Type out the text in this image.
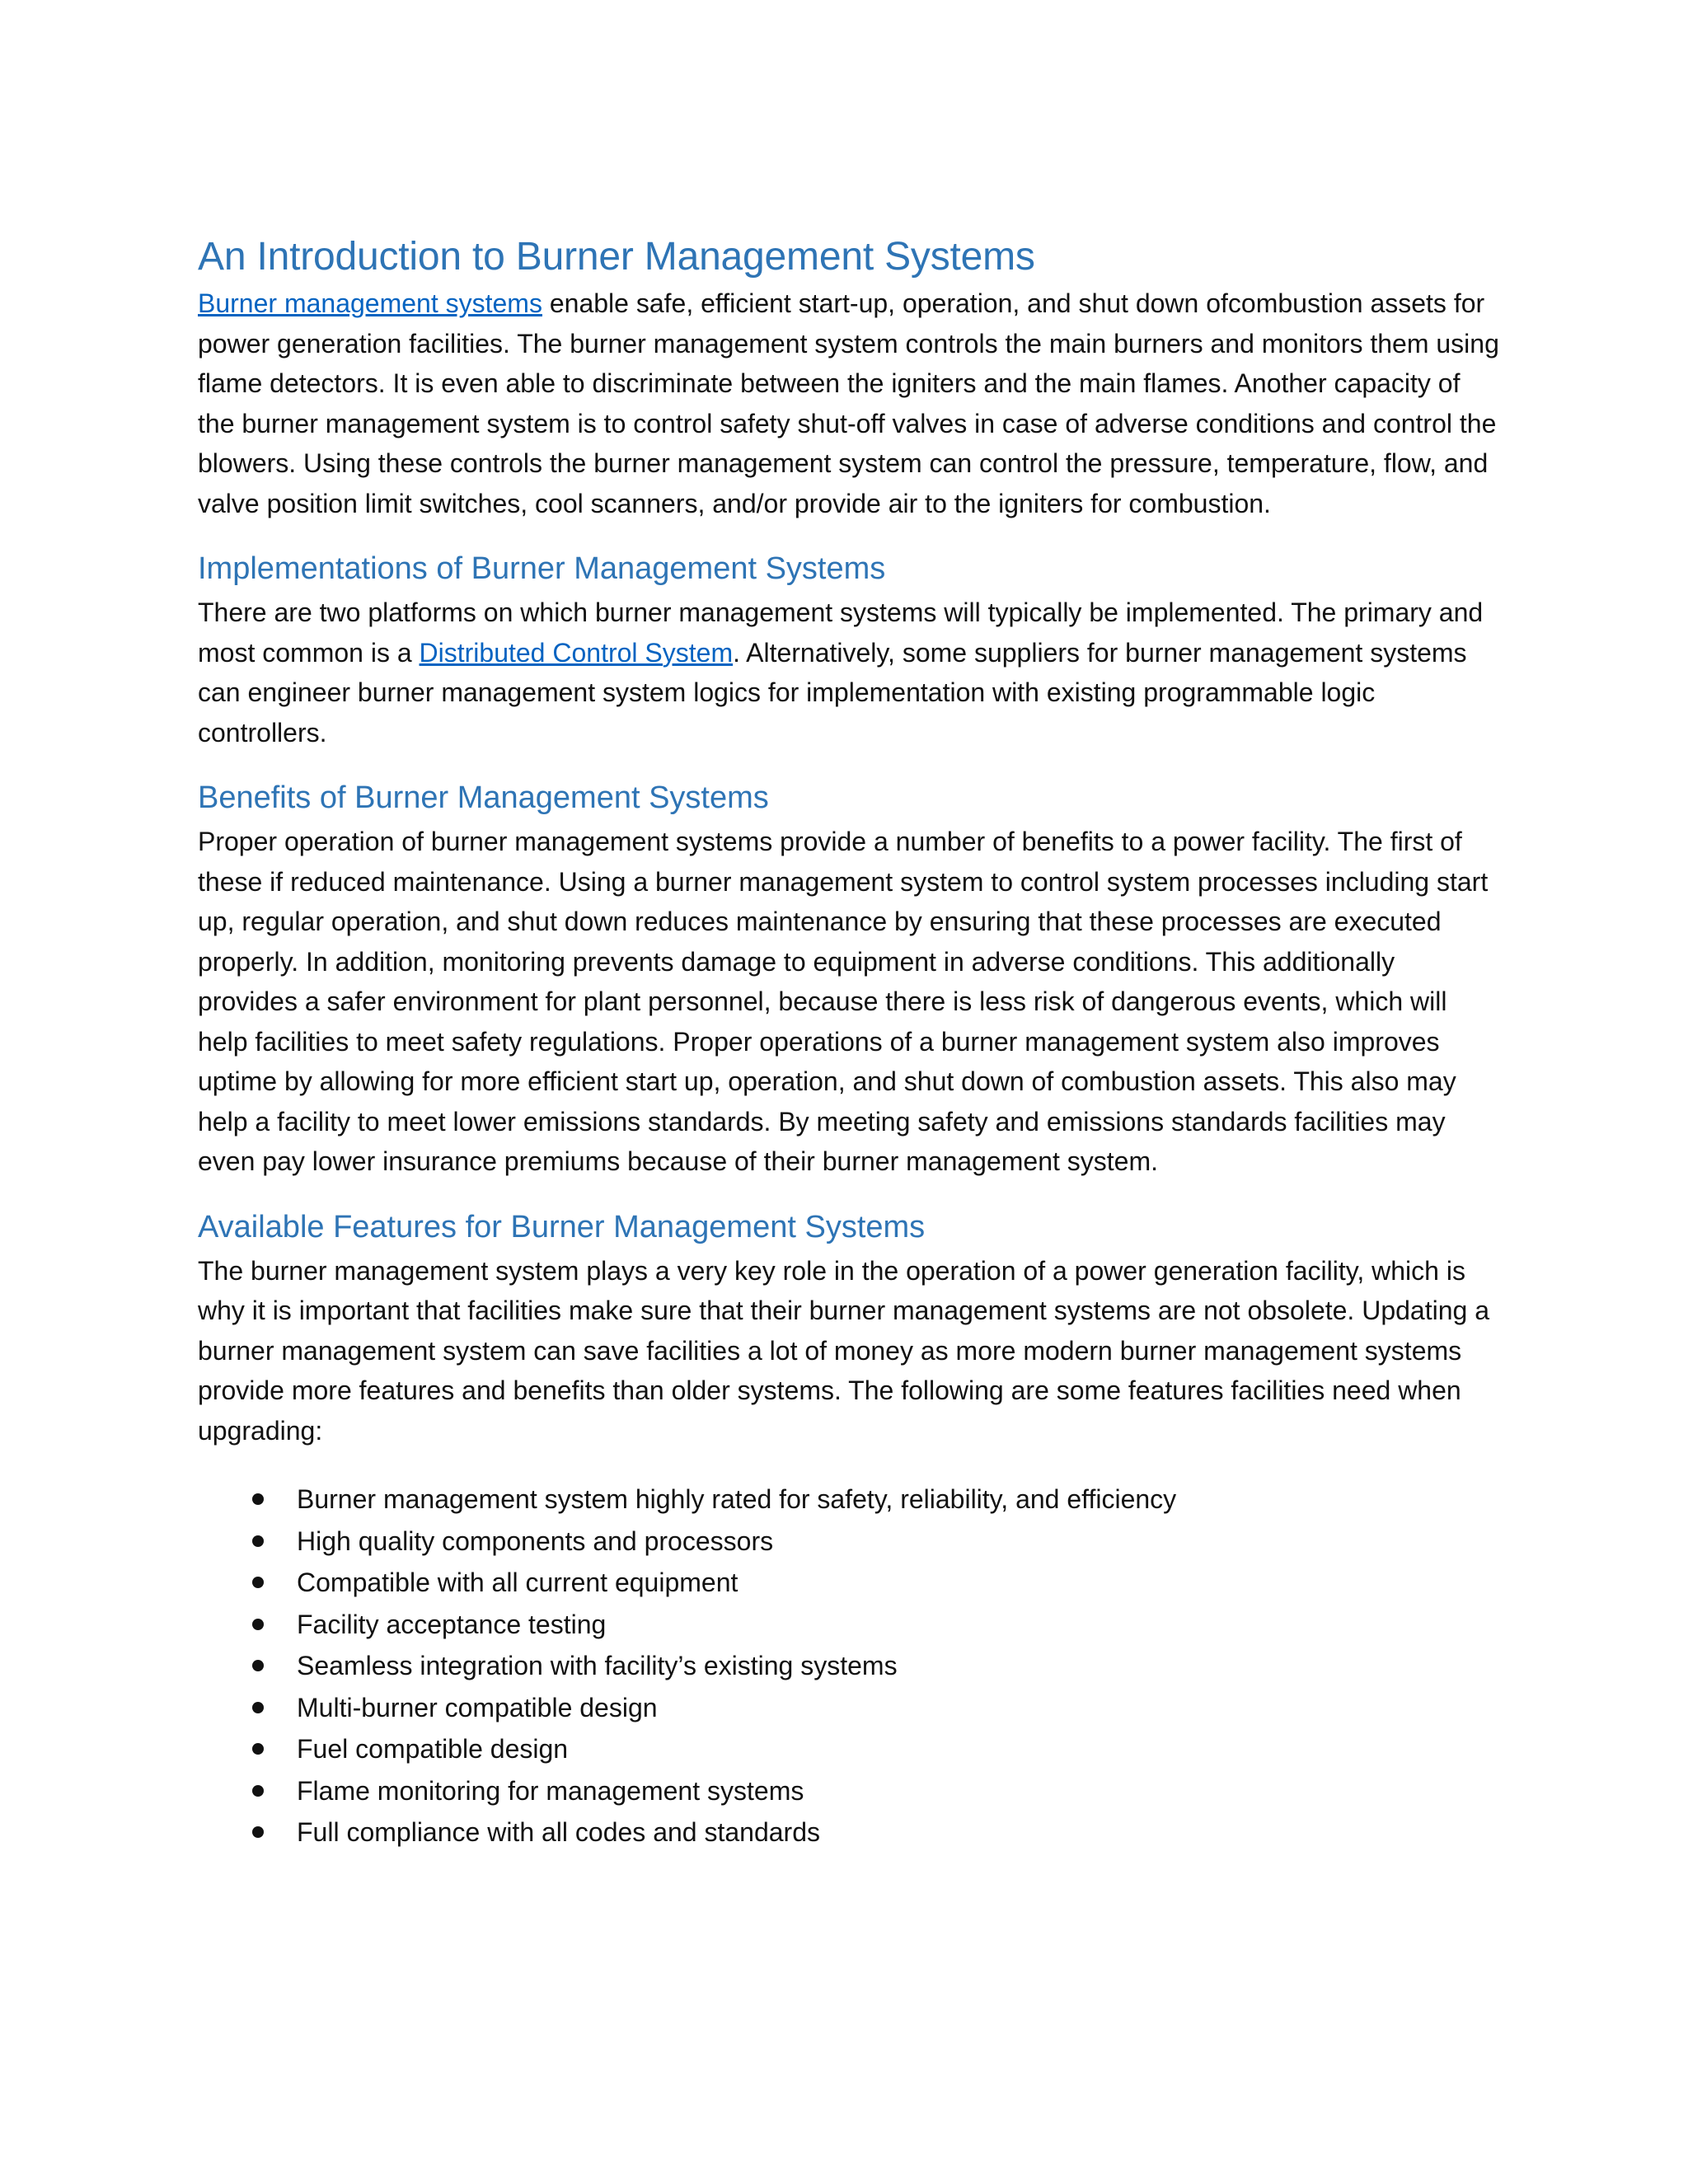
An Introduction to Burner Management Systems

Burner management systems enable safe, efficient start-up, operation, and shut down ofcombustion assets for power generation facilities. The burner management system controls the main burners and monitors them using flame detectors. It is even able to discriminate between the igniters and the main flames. Another capacity of the burner management system is to control safety shut-off valves in case of adverse conditions and control the blowers. Using these controls the burner management system can control the pressure, temperature, flow, and valve position limit switches, cool scanners, and/or provide air to the igniters for combustion.

Implementations of Burner Management Systems

There are two platforms on which burner management systems will typically be implemented. The primary and most common is a Distributed Control System. Alternatively, some suppliers for burner management systems can engineer burner management system logics for implementation with existing programmable logic controllers.

Benefits of Burner Management Systems

Proper operation of burner management systems provide a number of benefits to a power facility. The first of these if reduced maintenance. Using a burner management system to control system processes including start up, regular operation, and shut down reduces maintenance by ensuring that these processes are executed properly. In addition, monitoring prevents damage to equipment in adverse conditions. This additionally provides a safer environment for plant personnel, because there is less risk of dangerous events, which will help facilities to meet safety regulations. Proper operations of a burner management system also improves uptime by allowing for more efficient start up, operation, and shut down of combustion assets. This also may help a facility to meet lower emissions standards. By meeting safety and emissions standards facilities may even pay lower insurance premiums because of their burner management system.

Available Features for Burner Management Systems

The burner management system plays a very key role in the operation of a power generation facility, which is why it is important that facilities make sure that their burner management systems are not obsolete. Updating a burner management system can save facilities a lot of money as more modern burner management systems provide more features and benefits than older systems. The following are some features facilities need when upgrading:

Burner management system highly rated for safety, reliability, and efficiency
High quality components and processors
Compatible with all current equipment
Facility acceptance testing
Seamless integration with facility’s existing systems
Multi-burner compatible design
Fuel compatible design
Flame monitoring for management systems
Full compliance with all codes and standards
